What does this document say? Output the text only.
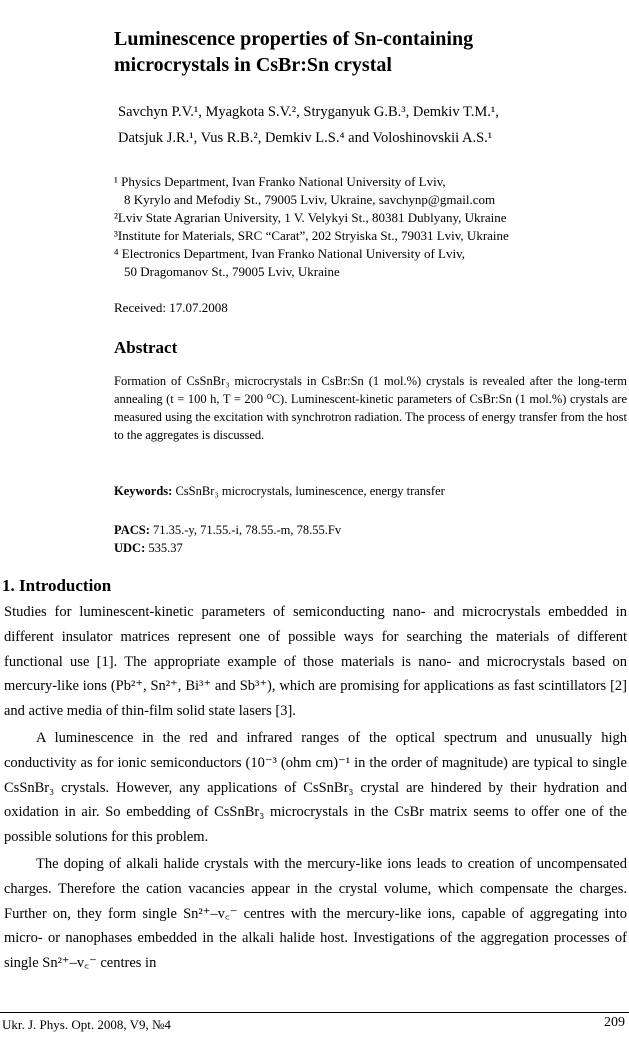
Luminescence properties of Sn-containing
microcrystals in CsBr:Sn crystal
Savchyn P.V.¹, Myagkota S.V.², Stryganyuk G.B.³, Demkiv T.M.¹,
Datsjuk J.R.¹, Vus R.B.², Demkiv L.S.⁴ and Voloshinovskii A.S.¹
¹ Physics Department, Ivan Franko National University of Lviv,
8 Kyrylo and Mefodiy St., 79005 Lviv, Ukraine, savchynp@gmail.com
²Lviv State Agrarian University, 1 V. Velykyi St., 80381 Dublyany, Ukraine
³Institute for Materials, SRC “Carat”, 202 Stryiska St., 79031 Lviv, Ukraine
⁴ Electronics Department, Ivan Franko National University of Lviv,
50 Dragomanov St., 79005 Lviv, Ukraine
Received: 17.07.2008
Abstract
Formation of CsSnBr₃ microcrystals in CsBr:Sn (1 mol.%) crystals is revealed after the long-term annealing (t = 100 h, T = 200 ⁰C). Luminescent-kinetic parameters of CsBr:Sn (1 mol.%) crystals are measured using the excitation with synchrotron radiation. The process of energy transfer from the host to the aggregates is discussed.
Keywords: CsSnBr₃ microcrystals, luminescence, energy transfer
PACS: 71.35.-y, 71.55.-i, 78.55.-m, 78.55.Fv
UDC: 535.37
1. Introduction

Studies for luminescent-kinetic parameters of semiconducting nano- and microcrystals embedded in different insulator matrices represent one of possible ways for searching the materials of different functional use [1]. The appropriate example of those materials is nano- and microcrystals based on mercury-like ions (Pb²⁺, Sn²⁺, Bi³⁺ and Sb³⁺), which are promising for applications as fast scintillators [2] and active media of thin-film solid state lasers [3].

A luminescence in the red and infrared ranges of the optical spectrum and unusually high conductivity as for ionic semiconductors (10⁻³ (ohm cm)⁻¹ in the order of magnitude) are typical to single CsSnBr₃ crystals. However, any applications of CsSnBr₃ crystal are hindered by their hydration and oxidation in air. So embedding of CsSnBr₃ microcrystals in the CsBr matrix seems to offer one of the possible solutions for this problem.

The doping of alkali halide crystals with the mercury-like ions leads to creation of uncompensated charges. Therefore the cation vacancies appear in the crystal volume, which compensate the charges. Further on, they form single Sn²⁺–v꜀⁻ centres with the mercury-like ions, capable of aggregating into micro- or nanophases embedded in the alkali halide host. Investigations of the aggregation processes of single Sn²⁺–v꜀⁻ centres in

Ukr. J. Phys. Opt. 2008, V9, №4	209
